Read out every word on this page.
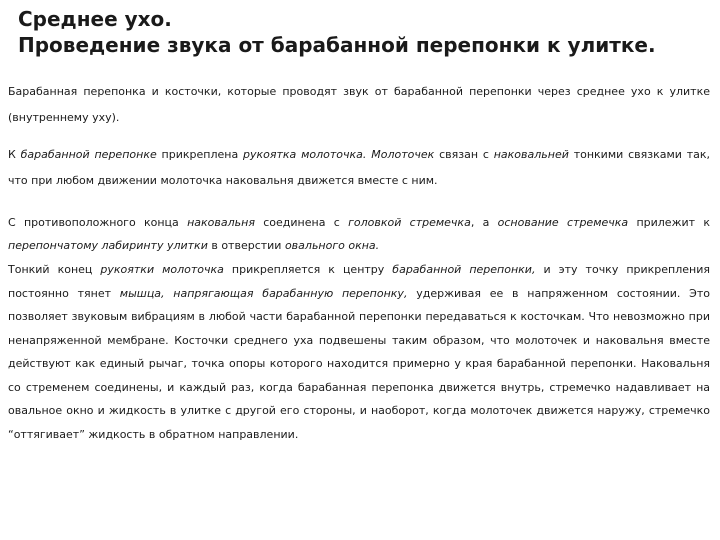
Среднее ухо.
Проведение звука от барабанной перепонки к улитке.

Барабанная перепонка и косточки, которые проводят звук от барабанной перепонки через среднее ухо к улитке (внутреннему уху).

К барабанной перепонке прикреплена рукоятка молоточка. Молоточек связан с наковальней тонкими связками так, что при любом движении молоточка наковальня движется вместе с ним.

С противоположного конца наковальня соединена с головкой стремечка, а основание стремечка прилежит к перепончатому лабиринту улитки в отверстии овального окна.

Тонкий конец рукоятки молоточка прикрепляется к центру барабанной перепонки, и эту точку прикрепления постоянно тянет мышца, напрягающая барабанную перепонку, удерживая ее в напряженном состоянии. Это позволяет звуковым вибрациям в любой части барабанной перепонки передаваться к косточкам. Что невозможно при ненапряженной мембране. Косточки среднего уха подвешены таким образом, что молоточек и наковальня вместе действуют как единый рычаг, точка опоры которого находится примерно у края барабанной перепонки. Наковальня со стременем соединены, и каждый раз, когда барабанная перепонка движется внутрь, стремечко надавливает на овальное окно и жидкость в улитке с другой его стороны, и наоборот, когда молоточек движется наружу, стремечко “оттягивает” жидкость в обратном направлении.
